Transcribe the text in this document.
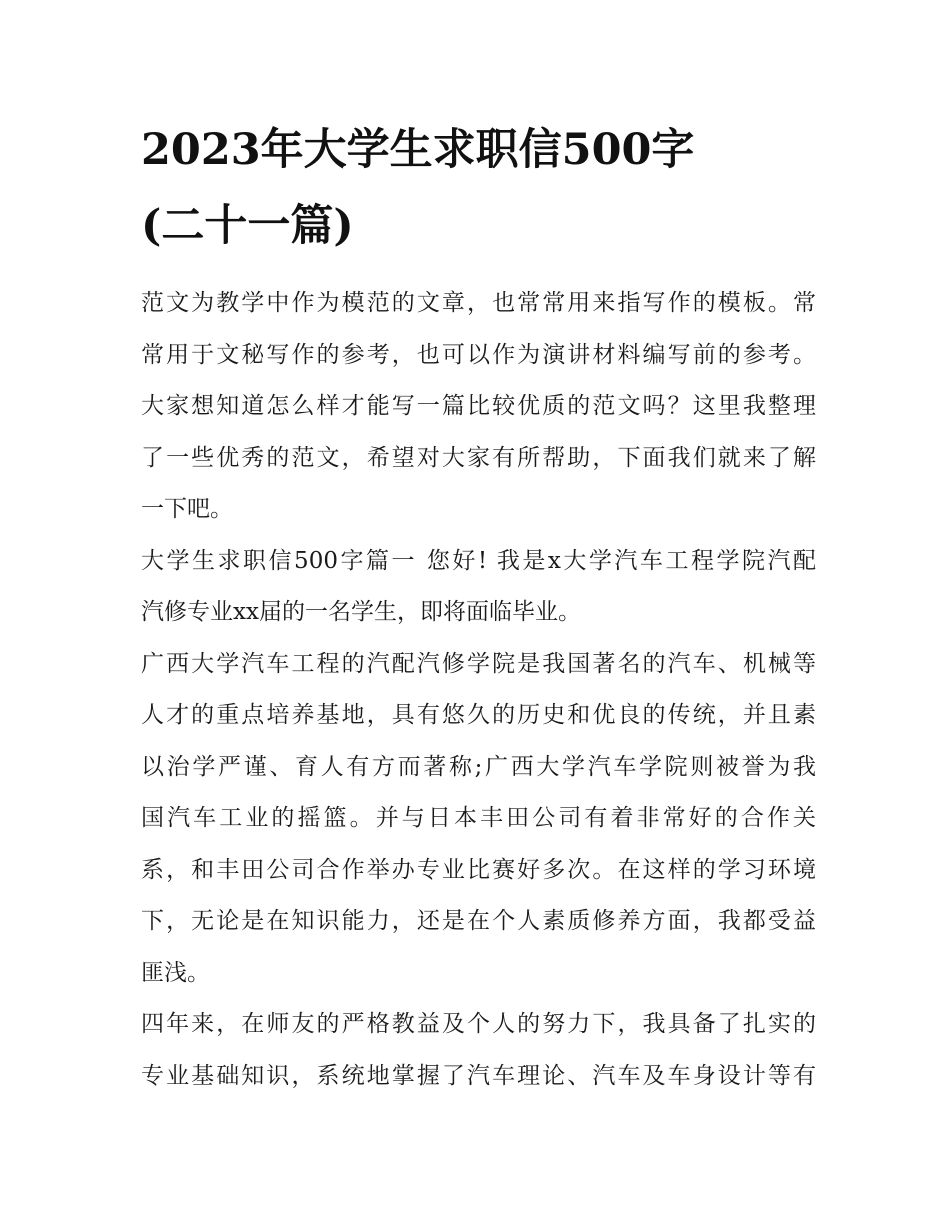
2023年大学生求职信500字
(二十一篇)

范文为教学中作为模范的文章，也常常用来指写作的模板。常
常用于文秘写作的参考，也可以作为演讲材料编写前的参考。
大家想知道怎么样才能写一篇比较优质的范文吗？这里我整理
了一些优秀的范文，希望对大家有所帮助，下面我们就来了解
一下吧。

大学生求职信500字篇一 您好! 我是x大学汽车工程学院汽配
汽修专业xx届的一名学生，即将面临毕业。

广西大学汽车工程的汽配汽修学院是我国著名的汽车、机械等
人才的重点培养基地，具有悠久的历史和优良的传统，并且素
以治学严谨、育人有方而著称;广西大学汽车学院则被誉为我
国汽车工业的摇篮。并与日本丰田公司有着非常好的合作关
系，和丰田公司合作举办专业比赛好多次。在这样的学习环境
下，无论是在知识能力，还是在个人素质修养方面，我都受益
匪浅。

四年来，在师友的严格教益及个人的努力下，我具备了扎实的
专业基础知识，系统地掌握了汽车理论、汽车及车身设计等有
